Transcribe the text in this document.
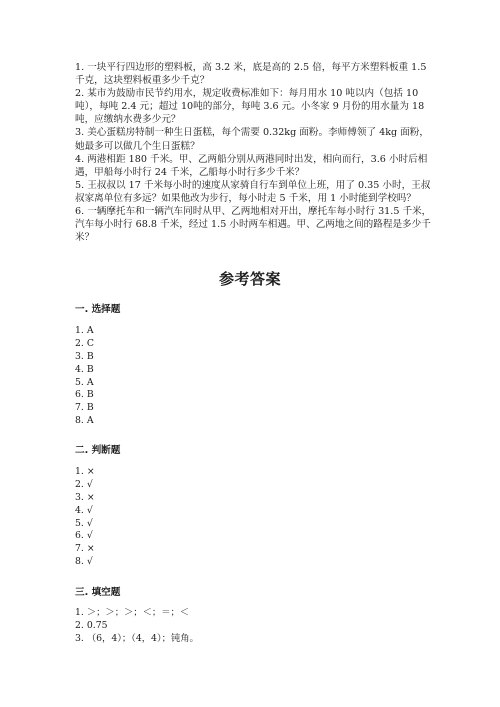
1. 一块平行四边形的塑料板，高 3.2 米，底是高的 2.5 倍，每平方米塑料板重 1.5 千克，这块塑料板重多少千克？

2. 某市为鼓励市民节约用水，规定收费标准如下：每月用水 10 吨以内（包括 10吨），每吨 2.4 元；超过 10吨的部分，每吨 3.6 元。小冬家 9 月份的用水量为 18 吨，应缴纳水费多少元？

3. 美心蛋糕房特制一种生日蛋糕，每个需要 0.32kg 面粉。李师傅领了 4kg 面粉，她最多可以做几个生日蛋糕？

4. 两港相距 180 千米。甲、乙两船分别从两港同时出发，相向而行，3.6 小时后相遇，甲船每小时行 24 千米，乙船每小时行多少千米？

5. 王叔叔以 17 千米每小时的速度从家骑自行车到单位上班，用了 0.35 小时，王叔叔家离单位有多远？如果他改为步行，每小时走 5 千米，用 1 小时能到学校吗？

6. 一辆摩托车和一辆汽车同时从甲、乙两地相对开出，摩托车每小时行 31.5 千米，汽车每小时行 68.8 千米，经过 1.5 小时两车相遇。甲、乙两地之间的路程是多少千米？

参考答案
一. 选择题
1. A
2. C
3. B
4. B
5. A
6. B
7. B
8. A
二. 判断题
1. ×
2. √
3. ×
4. √
5. √
6. √
7. ×
8. √
三. 填空题
1. ＞；＞；＞；＜；＝；＜
2. 0.75
3. （6，4）；（4，4）；钝角。
